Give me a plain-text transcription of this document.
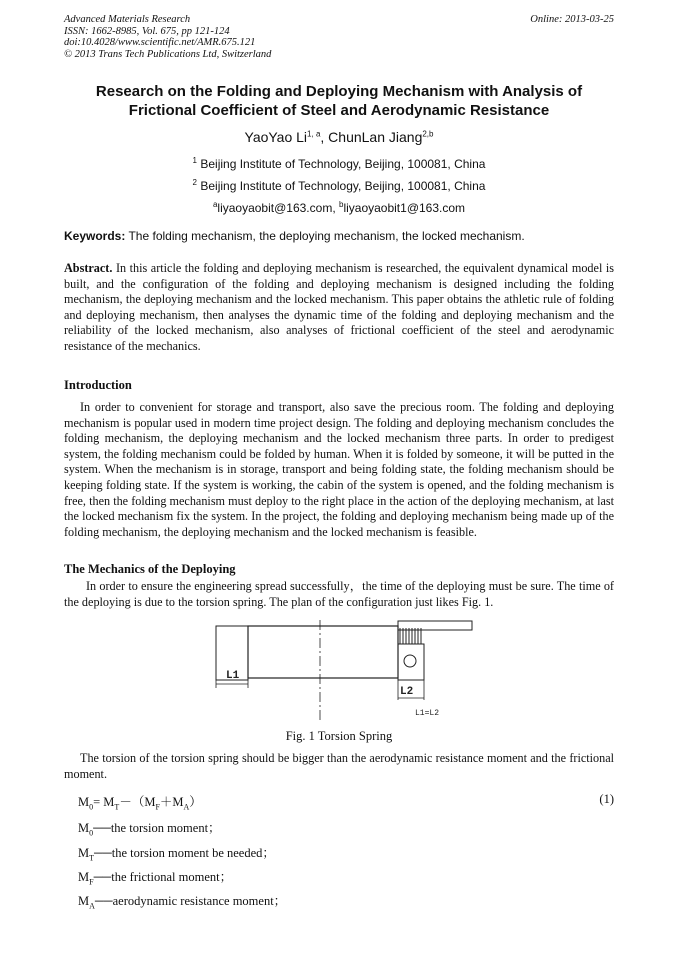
Advanced Materials Research
ISSN: 1662-8985, Vol. 675, pp 121-124
doi:10.4028/www.scientific.net/AMR.675.121
© 2013 Trans Tech Publications Ltd, Switzerland
Online: 2013-03-25
Research on the Folding and Deploying Mechanism with Analysis of
Frictional Coefficient of Steel and Aerodynamic Resistance
YaoYao Li$^{1, a}$, ChunLan Jiang$^{2,b}$
$^1$ Beijing Institute of Technology, Beijing, 100081, China
$^2$ Beijing Institute of Technology, Beijing, 100081, China
$^a$liyaoyaobit@163.com, $^b$liyaoyaobit1@163.com
Keywords: The folding mechanism, the deploying mechanism, the locked mechanism.
Abstract. In this article the folding and deploying mechanism is researched, the equivalent dynamical model is built, and the configuration of the folding and deploying mechanism is designed including the folding mechanism, the deploying mechanism and the locked mechanism. This paper obtains the athletic rule of folding and deploying mechanism, then analyses the dynamic time of the folding and deploying mechanism and the reliability of the locked mechanism, also analyses of frictional coefficient of the steel and aerodynamic resistance of the mechanics.
Introduction
In order to convenient for storage and transport, also save the precious room. The folding and deploying mechanism is popular used in modern time project design. The folding and deploying mechanism concludes the folding mechanism, the deploying mechanism and the locked mechanism three parts. In order to predigest system, the folding mechanism could be folded by human. When it is folded by someone, it will be putted in the system. When the mechanism is in storage, transport and being folding state, the folding mechanism should be keeping folding state. If the system is working, the cabin of the system is opened, and the folding mechanism is free, then the folding mechanism must deploy to the right place in the action of the deploying mechanism, at last the locked mechanism fix the system. In the project, the folding and deploying mechanism being made up of the folding mechanism, the deploying mechanism and the locked mechanism is feasible.
The Mechanics of the Deploying
In order to ensure the engineering spread successfully，the time of the deploying must be sure. The time of the deploying is due to the torsion spring. The plan of the configuration just likes Fig. 1.
L1
L2
L1=L2
Fig. 1 Torsion Spring
The torsion of the torsion spring should be bigger than the aerodynamic resistance moment and the frictional moment.
$M_0= M_T-(M_F+M_A)$	(1)
$M_0──the$ torsion moment；
$M_T──the$ torsion moment be needed；
$M_F──the$ frictional moment；
$M_A──aerodynamic$ resistance moment；
